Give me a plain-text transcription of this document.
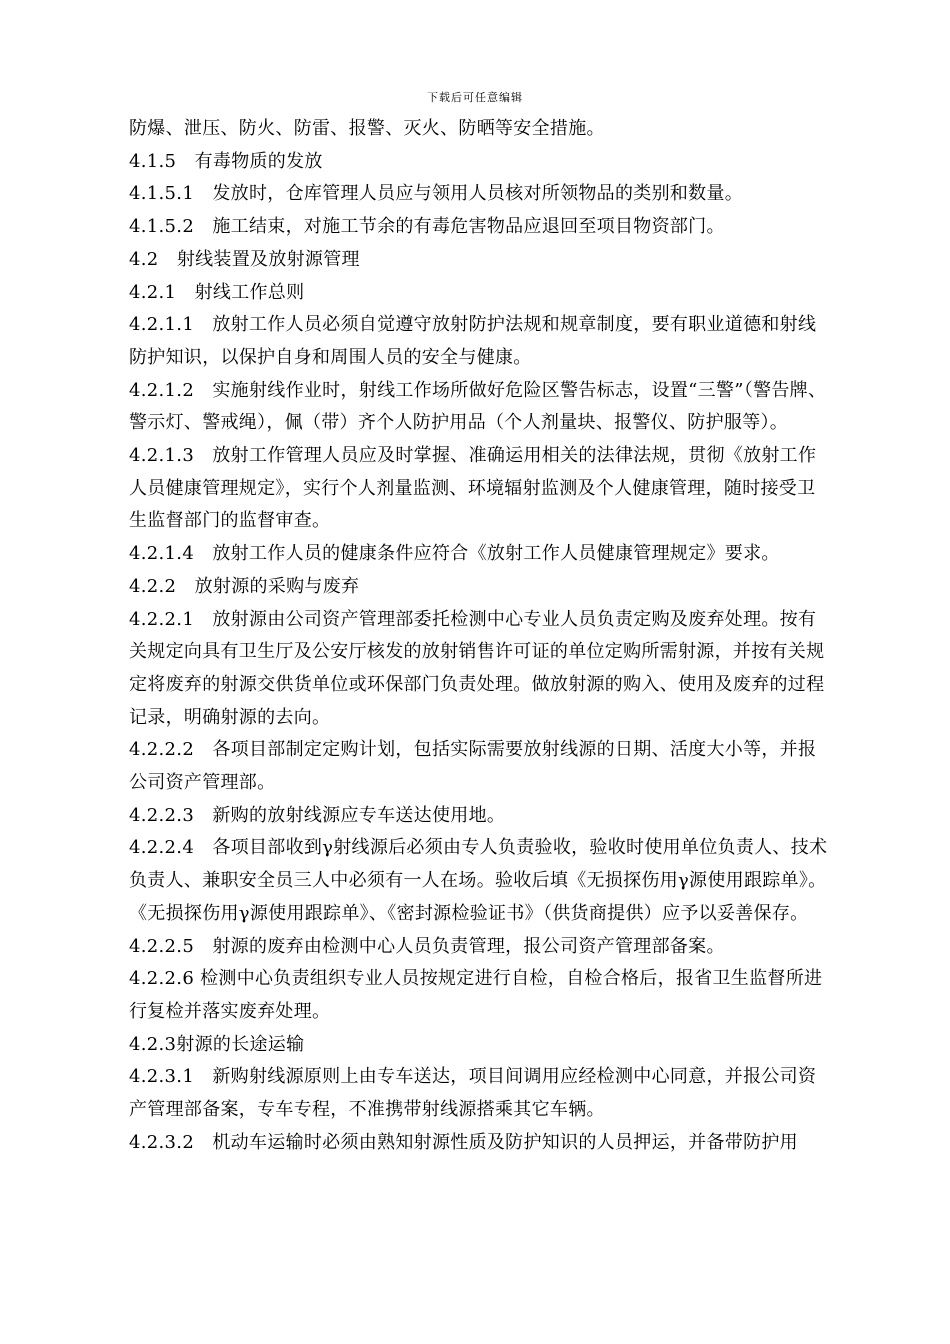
下载后可任意编辑

防爆、泄压、防火、防雷、报警、灭火、防晒等安全措施。

4.1.5　有毒物质的发放

4.1.5.1　发放时，仓库管理人员应与领用人员核对所领物品的类别和数量。

4.1.5.2　施工结束，对施工节余的有毒危害物品应退回至项目物资部门。

4.2　射线装置及放射源管理

4.2.1　射线工作总则

4.2.1.1　放射工作人员必须自觉遵守放射防护法规和规章制度，要有职业道德和射线防护知识，以保护自身和周围人员的安全与健康。

4.2.1.2　实施射线作业时，射线工作场所做好危险区警告标志，设置“三警”（警告牌、警示灯、警戒绳），佩（带）齐个人防护用品（个人剂量块、报警仪、防护服等）。

4.2.1.3　放射工作管理人员应及时掌握、准确运用相关的法律法规，贯彻《放射工作人员健康管理规定》，实行个人剂量监测、环境辐射监测及个人健康管理，随时接受卫生监督部门的监督审查。

4.2.1.4　放射工作人员的健康条件应符合《放射工作人员健康管理规定》要求。

4.2.2　放射源的采购与废弃

4.2.2.1　放射源由公司资产管理部委托检测中心专业人员负责定购及废弃处理。按有关规定向具有卫生厅及公安厅核发的放射销售许可证的单位定购所需射源，并按有关规定将废弃的射源交供货单位或环保部门负责处理。做放射源的购入、使用及废弃的过程记录，明确射源的去向。

4.2.2.2　各项目部制定定购计划，包括实际需要放射线源的日期、活度大小等，并报公司资产管理部。

4.2.2.3　新购的放射线源应专车送达使用地。

4.2.2.4　各项目部收到γ射线源后必须由专人负责验收，验收时使用单位负责人、技术负责人、兼职安全员三人中必须有一人在场。验收后填《无损探伤用γ源使用跟踪单》。《无损探伤用γ源使用跟踪单》、《密封源检验证书》（供货商提供）应予以妥善保存。

4.2.2.5　射源的废弃由检测中心人员负责管理，报公司资产管理部备案。

4.2.2.6 检测中心负责组织专业人员按规定进行自检，自检合格后，报省卫生监督所进行复检并落实废弃处理。

4.2.3射源的长途运输

4.2.3.1　新购射线源原则上由专车送达，项目间调用应经检测中心同意，并报公司资产管理部备案，专车专程，不准携带射线源搭乘其它车辆。

4.2.3.2　机动车运输时必须由熟知射源性质及防护知识的人员押运，并备带防护用
